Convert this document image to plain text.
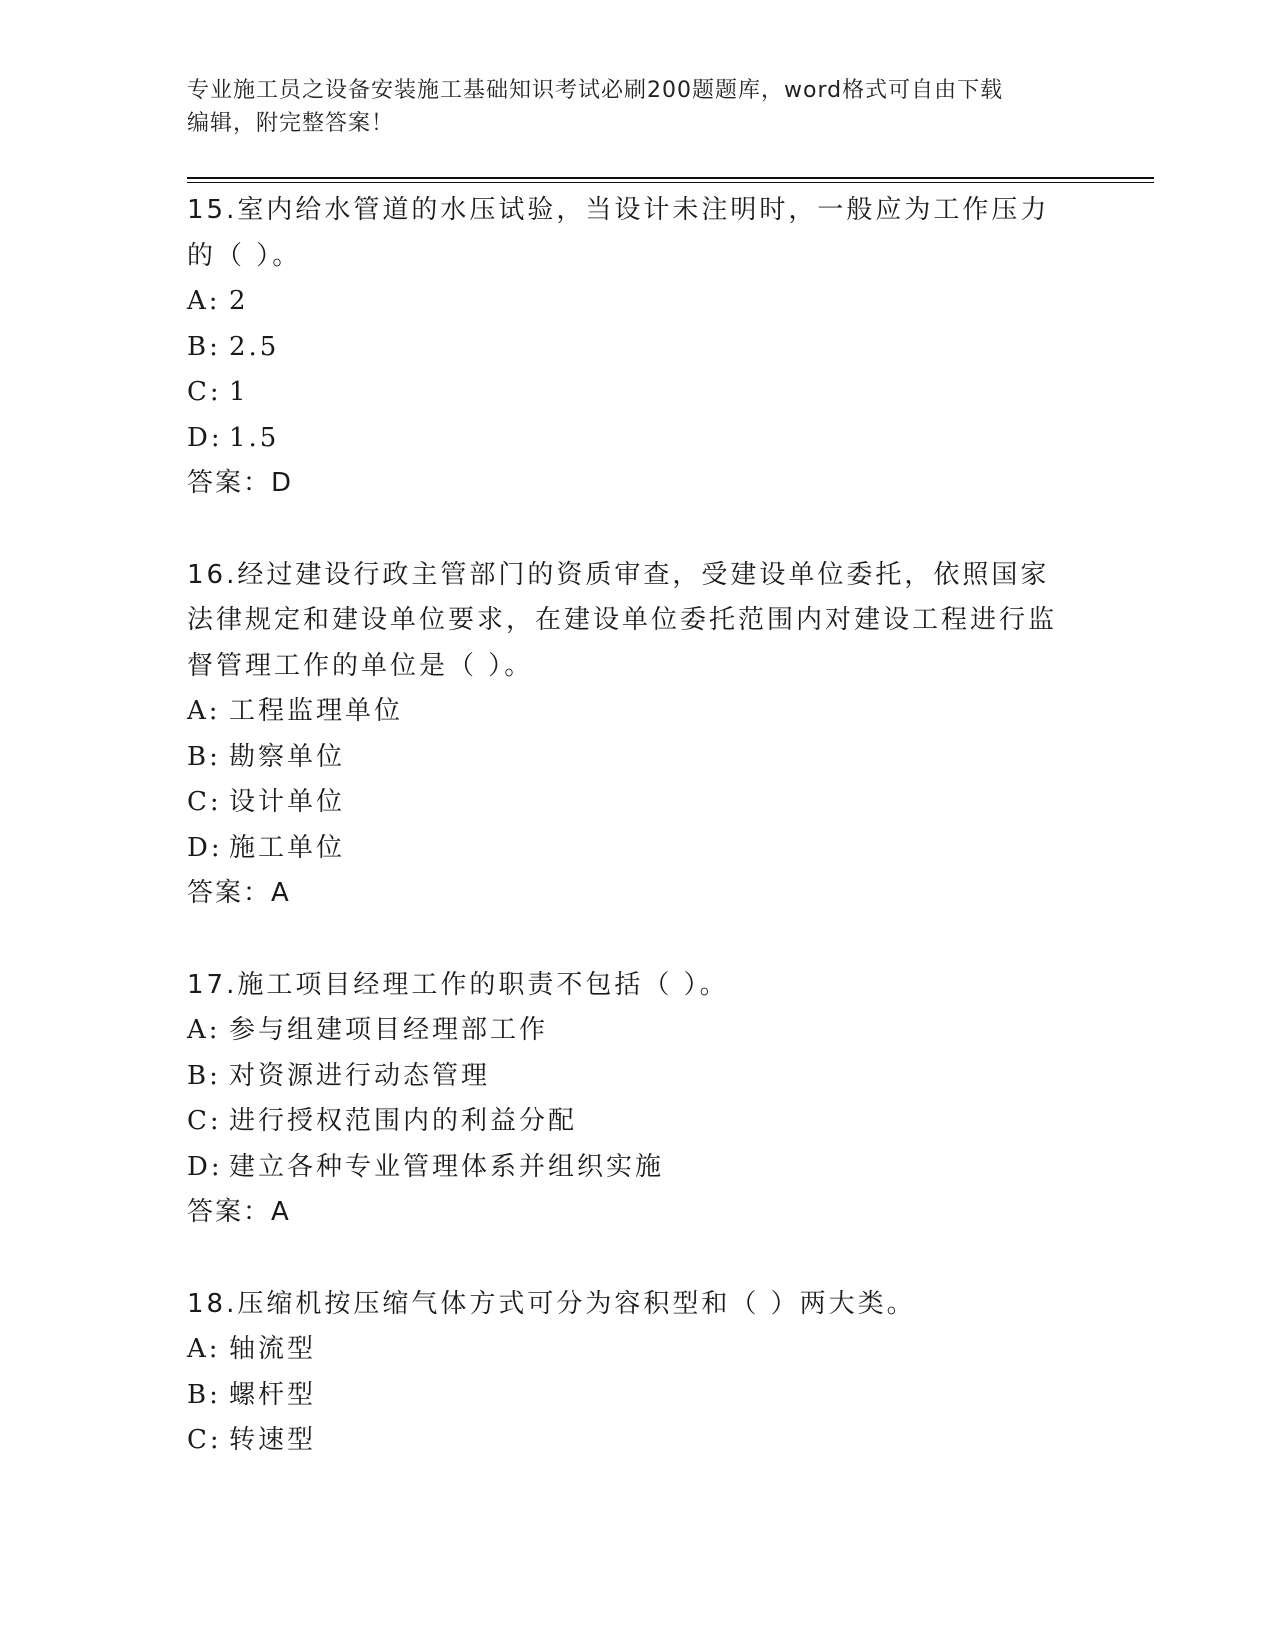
专业施工员之设备安装施工基础知识考试必刷200题题库，word格式可自由下载
编辑，附完整答案！
15.室内给水管道的水压试验，当设计未注明时，一般应为工作压力的（ ）。
A: 2
B: 2.5
C: 1
D: 1.5
答案：D
16.经过建设行政主管部门的资质审查，受建设单位委托，依照国家法律规定和建设单位要求，在建设单位委托范围内对建设工程进行监督管理工作的单位是（ ）。
A: 工程监理单位
B: 勘察单位
C: 设计单位
D: 施工单位
答案：A
17.施工项目经理工作的职责不包括（ ）。
A: 参与组建项目经理部工作
B: 对资源进行动态管理
C: 进行授权范围内的利益分配
D: 建立各种专业管理体系并组织实施
答案：A
18.压缩机按压缩气体方式可分为容积型和（ ）两大类。
A: 轴流型
B: 螺杆型
C: 转速型
